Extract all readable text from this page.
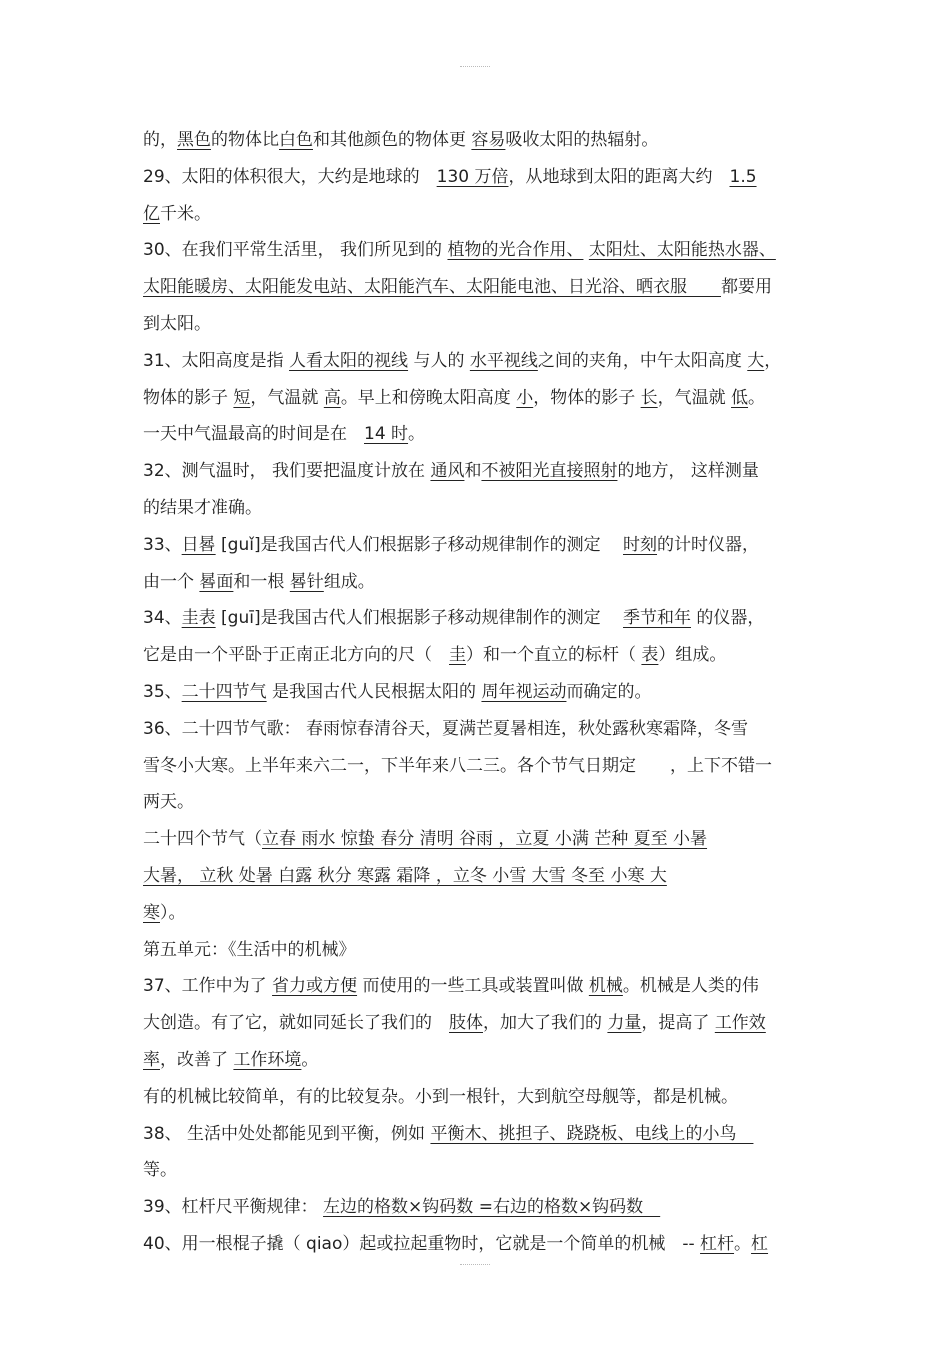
的，黑色的物体比白色和其他颜色的物体更 容易吸收太阳的热辐射。
29、太阳的体积很大，大约是地球的　130 万倍，从地球到太阳的距离大约　1.5
亿千米。
30、在我们平常生活里， 我们所见到的 植物的光合作用、 太阳灶、太阳能热水器、
太阳能暖房、太阳能发电站、太阳能汽车、太阳能电池、日光浴、晒衣服　　都要用
到太阳。
31、太阳高度是指 人看太阳的视线 与人的 水平视线之间的夹角，中午太阳高度 大，
物体的影子 短，气温就 高。早上和傍晚太阳高度 小，物体的影子 长，气温就 低。
一天中气温最高的时间是在　14 时。
32、测气温时， 我们要把温度计放在 通风和不被阳光直接照射的地方， 这样测量
的结果才准确。
33、日晷 [guǐ]是我国古代人们根据影子移动规律制作的测定 　时刻的计时仪器，
由一个 晷面和一根 晷针组成。
34、圭表 [guī]是我国古代人们根据影子移动规律制作的测定　 季节和年 的仪器，
它是由一个平卧于正南正北方向的尺（　圭）和一个直立的标杆（ 表）组成。
35、二十四节气 是我国古代人民根据太阳的 周年视运动而确定的。
36、二十四节气歌： 春雨惊春清谷天，夏满芒夏暑相连，秋处露秋寒霜降，冬雪
雪冬小大寒。上半年来六二一，下半年来八二三。各个节气日期定　　，上下不错一
两天。
二十四个节气（立春 雨水 惊蛰 春分 清明 谷雨 ，立夏 小满 芒种 夏至 小暑
大暑， 立秋 处暑 白露 秋分 寒露 霜降 ，立冬 小雪 大雪 冬至 小寒 大
寒）。
第五单元：《生活中的机械》
37、工作中为了 省力或方便 而使用的一些工具或装置叫做 机械。机械是人类的伟
大创造。有了它，就如同延长了我们的　肢体，加大了我们的 力量，提高了 工作效
率，改善了 工作环境。
有的机械比较简单，有的比较复杂。小到一根针，大到航空母舰等，都是机械。
38、 生活中处处都能见到平衡，例如 平衡木、挑担子、跷跷板、电线上的小鸟　
等。
39、杠杆尺平衡规律： 左边的格数×钩码数 =右边的格数×钩码数　
40、用一根棍子撬（ qiao）起或拉起重物时，它就是一个简单的机械　-- 杠杆。杠
